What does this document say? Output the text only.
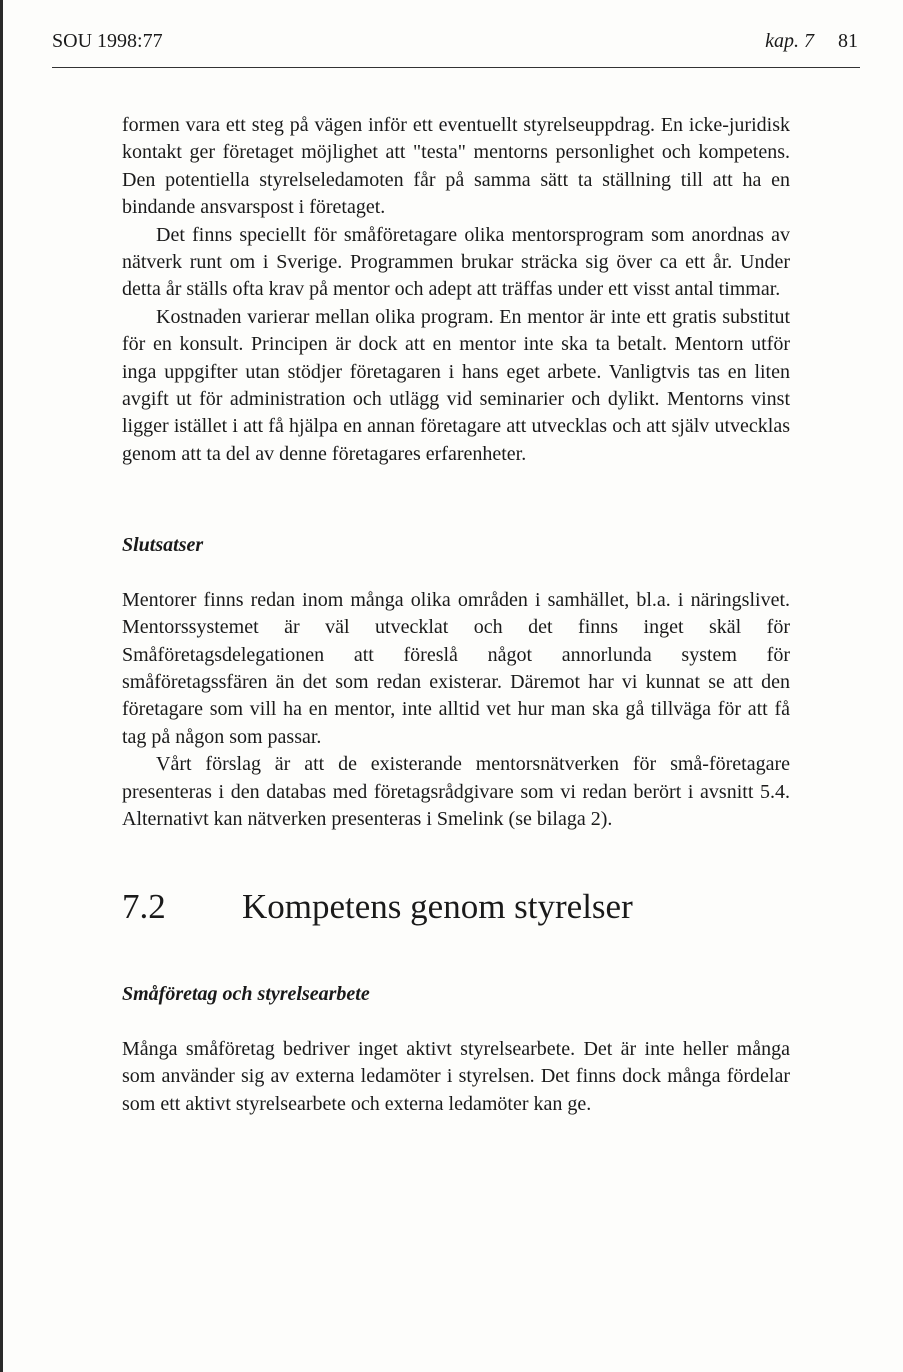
SOU 1998:77	kap. 7 81

formen vara ett steg på vägen inför ett eventuellt styrelseuppdrag. En icke-juridisk kontakt ger företaget möjlighet att "testa" mentorns personlighet och kompetens. Den potentiella styrelseledamoten får på samma sätt ta ställning till att ha en bindande ansvarspost i företaget.

Det finns speciellt för småföretagare olika mentorsprogram som anordnas av nätverk runt om i Sverige. Programmen brukar sträcka sig över ca ett år. Under detta år ställs ofta krav på mentor och adept att träffas under ett visst antal timmar.

Kostnaden varierar mellan olika program. En mentor är inte ett gratis substitut för en konsult. Principen är dock att en mentor inte ska ta betalt. Mentorn utför inga uppgifter utan stödjer företagaren i hans eget arbete. Vanligtvis tas en liten avgift ut för administration och utlägg vid seminarier och dylikt. Mentorns vinst ligger istället i att få hjälpa en annan företagare att utvecklas och att själv utvecklas genom att ta del av denne företagares erfarenheter.

Slutsatser

Mentorer finns redan inom många olika områden i samhället, bl.a. i näringslivet. Mentorssystemet är väl utvecklat och det finns inget skäl för Småföretagsdelegationen att föreslå något annorlunda system för småföretagssfären än det som redan existerar. Däremot har vi kunnat se att den företagare som vill ha en mentor, inte alltid vet hur man ska gå tillväga för att få tag på någon som passar.

Vårt förslag är att de existerande mentorsnätverken för små-företagare presenteras i den databas med företagsrådgivare som vi redan berört i avsnitt 5.4. Alternativt kan nätverken presenteras i Smelink (se bilaga 2).

7.2 Kompetens genom styrelser
Småföretag och styrelsearbete

Många småföretag bedriver inget aktivt styrelsearbete. Det är inte heller många som använder sig av externa ledamöter i styrelsen. Det finns dock många fördelar som ett aktivt styrelsearbete och externa ledamöter kan ge.
